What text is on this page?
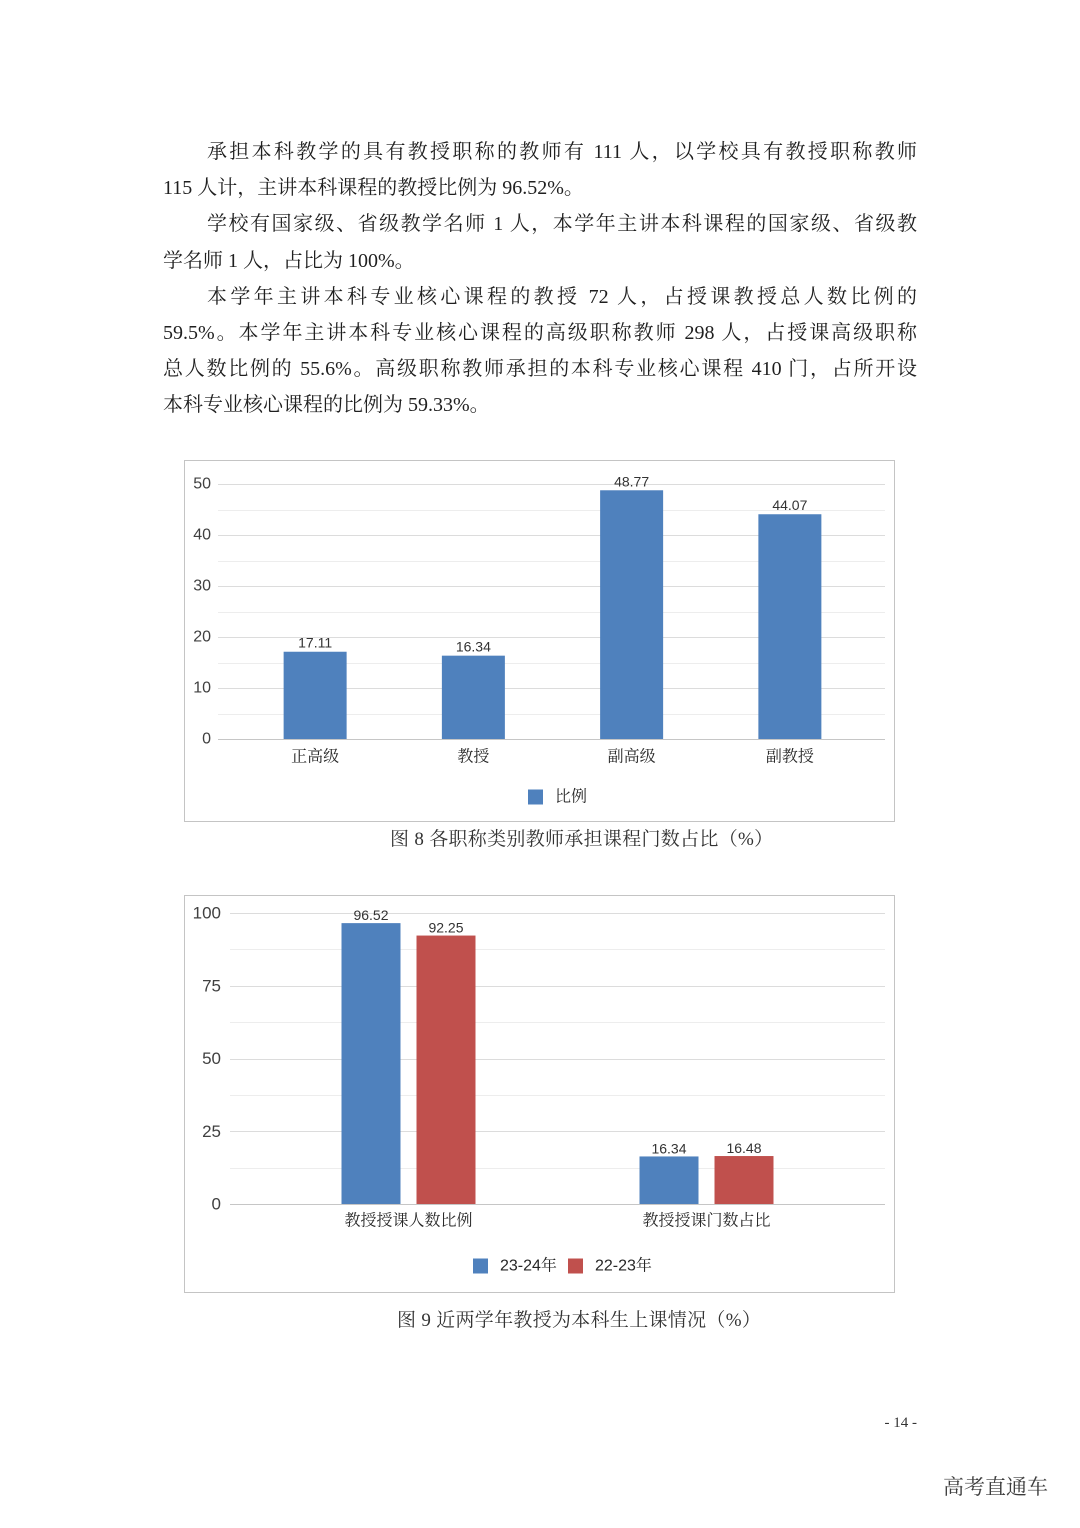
承担本科教学的具有教授职称的教师有 111 人，以学校具有教授职称教师
115 人计，主讲本科课程的教授比例为 96.52%。
学校有国家级、省级教学名师 1 人，本学年主讲本科课程的国家级、省级教
学名师 1 人，占比为 100%。
本学年主讲本科专业核心课程的教授 72 人，占授课教授总人数比例的
59.5%。本学年主讲本科专业核心课程的高级职称教师 298 人，占授课高级职称
总人数比例的 55.6%。高级职称教师承担的本科专业核心课程 410 门，占所开设
本科专业核心课程的比例为 59.33%。
0
10
20
30
40
50
17.11
正高级
16.34
教授
48.77
副高级
44.07
副教授
比例
图 8 各职称类别教师承担课程门数占比（%）
0
25
50
75
100	96.52
92.25
教授授课人数比例
16.34	16.48
教授授课门数占比
23-24年 22-23年
图 9 近两学年教授为本科生上课情况（%）
- 14 -
高考直通车
